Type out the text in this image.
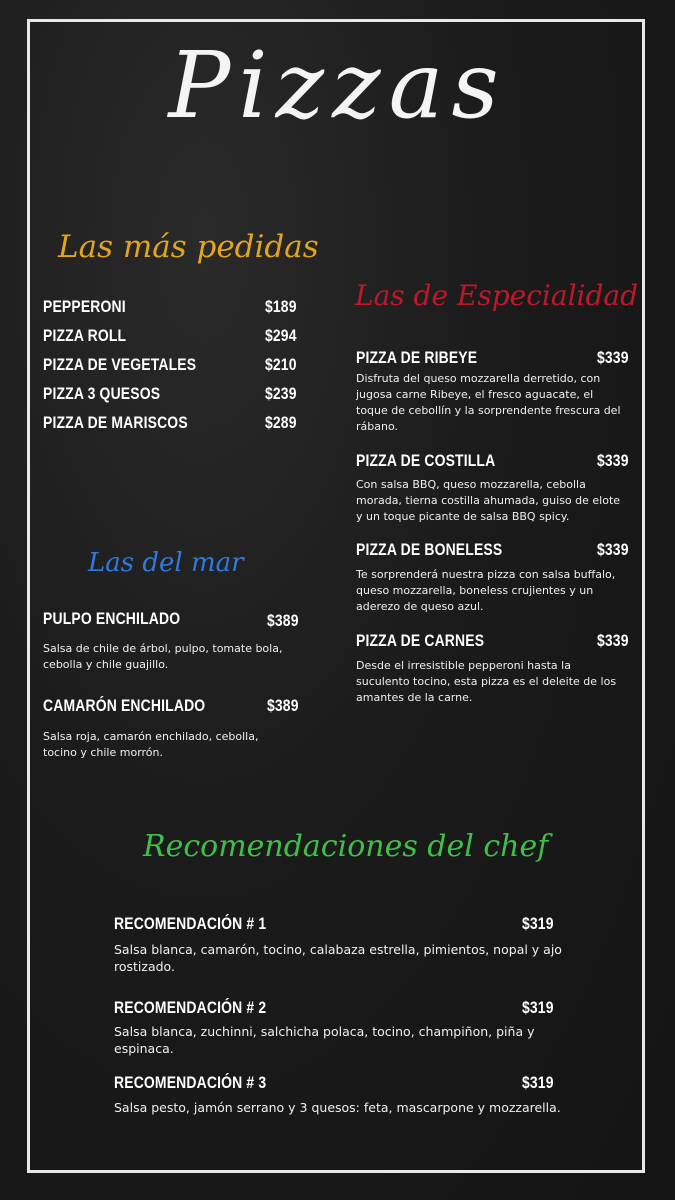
Pizzas
Las más pedidas
PEPPERONI	$189
PIZZA ROLL	$294
PIZZA DE VEGETALES	$210
PIZZA 3 QUESOS	$239
PIZZA DE MARISCOS	$289
Las de Especialidad
PIZZA DE RIBEYE	$339
Disfruta del queso mozzarella derretido, con jugosa carne Ribeye, el fresco aguacate, el toque de cebollín y la sorprendente frescura del rábano.
PIZZA DE COSTILLA	$339
Con salsa BBQ, queso mozzarella, cebolla morada, tierna costilla ahumada, guiso de elote y un toque picante de salsa BBQ spicy.
PIZZA DE BONELESS	$339
Te sorprenderá nuestra pizza con salsa buffalo, queso mozzarella, boneless crujientes y un aderezo de queso azul.
PIZZA DE CARNES	$339
Desde el irresistible pepperoni hasta la suculento tocino, esta pizza es el deleite de los amantes de la carne.
Las del mar
PULPO ENCHILADO	$389
Salsa de chile de árbol, pulpo, tomate bola, cebolla y chile guajillo.
CAMARÓN ENCHILADO	$389
Salsa roja, camarón enchilado, cebolla, tocino y chile morrón.
Recomendaciones del chef
RECOMENDACIÓN # 1	$319
Salsa blanca, camarón, tocino, calabaza estrella, pimientos, nopal y ajo rostizado.
RECOMENDACIÓN # 2	$319
Salsa blanca, zuchinni, salchicha polaca, tocino, champiñon, piña y espinaca.
RECOMENDACIÓN # 3	$319
Salsa pesto, jamón serrano y 3 quesos: feta, mascarpone y mozzarella.
